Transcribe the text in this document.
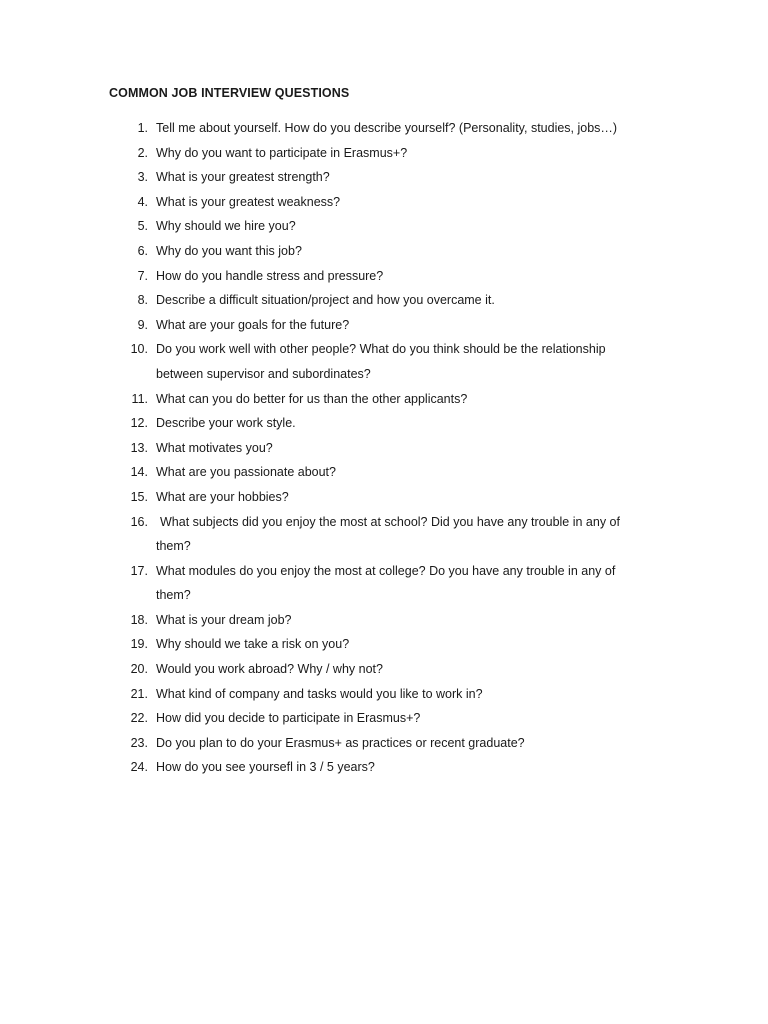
COMMON JOB INTERVIEW QUESTIONS
1. Tell me about yourself. How do you describe yourself? (Personality, studies, jobs…)
2. Why do you want to participate in Erasmus+?
3. What is your greatest strength?
4. What is your greatest weakness?
5. Why should we hire you?
6. Why do you want this job?
7. How do you handle stress and pressure?
8. Describe a difficult situation/project and how you overcame it.
9. What are your goals for the future?
10. Do you work well with other people? What do you think should be the relationship between supervisor and subordinates?
11. What can you do better for us than the other applicants?
12. Describe your work style.
13. What motivates you?
14. What are you passionate about?
15. What are your hobbies?
16. What subjects did you enjoy the most at school? Did you have any trouble in any of them?
17. What modules do you enjoy the most at college? Do you have any trouble in any of them?
18. What is your dream job?
19. Why should we take a risk on you?
20. Would you work abroad? Why / why not?
21. What kind of company and tasks would you like to work in?
22. How did you decide to participate in Erasmus+?
23. Do you plan to do your Erasmus+ as practices or recent graduate?
24. How do you see yoursefl in 3 / 5 years?
